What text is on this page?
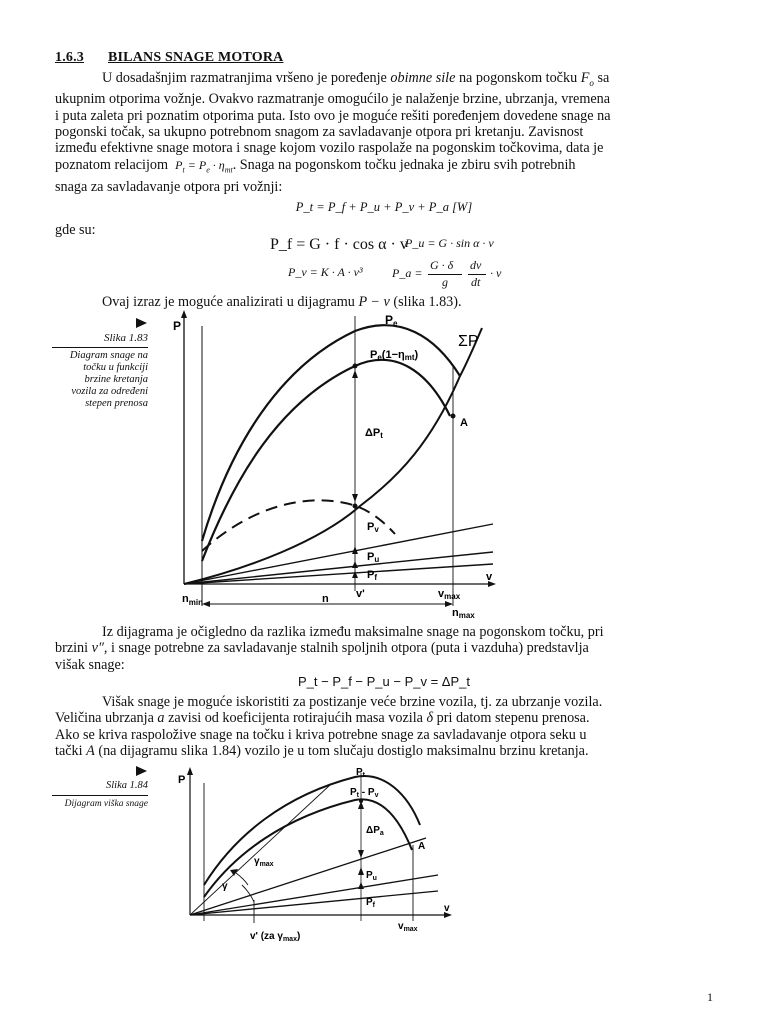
1.6.3 BILANS SNAGE MOTORA
U dosadašnjim razmatranjima vršeno je poređenje obimne sile na pogonskom točku $F_o$ sa
ukupnim otporima vožnje. Ovakvo razmatranje omogućilo je nalaženje brzine, ubrzanja, vremena
i puta zaleta pri poznatim otporima puta. Isto ovo je moguće rešiti poređenjem dovedene snage na
pogonski točak, sa ukupno potrebnom snagom za savladavanje otpora pri kretanju. Zavisnost
između efektivne snage motora i snage kojom vozilo raspolaže na pogonskim točkovima, data je
poznatom relacijom $P_t = P_e \cdot \eta_{mt}$. Snaga na pogonskom točku jednaka je zbiru svih potrebnih
snaga za savladavanje otpora pri vožnji:
P_t = P_f + P_u + P_v + P_a [W]
gde su:
P_f = G · f · cos α · v
P_u = G · sin α · v
P_v = K · A · v³ P_a =
G · δ
g
dv
dt
· v
Ovaj izraz je moguće analizirati u dijagramu P − v (slika 1.83).
Slika 1.83
Diagram snage na
točku u funkciji
brzine kretanja
vozila za određeni
stepen prenosa
P	Pe
Pe(1−ηmt)
ΣP
ΔPt
A
Pv
Pu
Pf	v
$n_{min}$	n v'	vmax
nmax
Iz dijagrama je očigledno da razlika između maksimalne snage na pogonskom točku, pri
brzini v″, i snage potrebne za savladavanje stalnih spoljnih otpora (puta i vazduha) predstavlja
višak snage:
P_t − P_f − P_u − P_v = ΔP_t
Višak snage je moguće iskoristiti za postizanje veće brzine vozila, tj. za ubrzanje vozila.
Veličina ubrzanja a zavisi od koeficijenta rotirajućih masa vozila δ pri datom stepenu prenosa.
Ako se kriva raspoložive snage na točku i kriva potrebne snage za savladavanje otpora seku u
tački A (na dijagramu slika 1.84) vozilo je u tom slučaju dostiglo maksimalnu brzinu kretanja.
Slika 1.84
Dijagram viška snage
P
$P_t$
$P_t - P_v$
$\Delta P_a$
A
$\gamma_{max}$
γ
$P_u$
$P_f$	v
$v_{max}$
v' (za $\gamma_{max}$)
1
